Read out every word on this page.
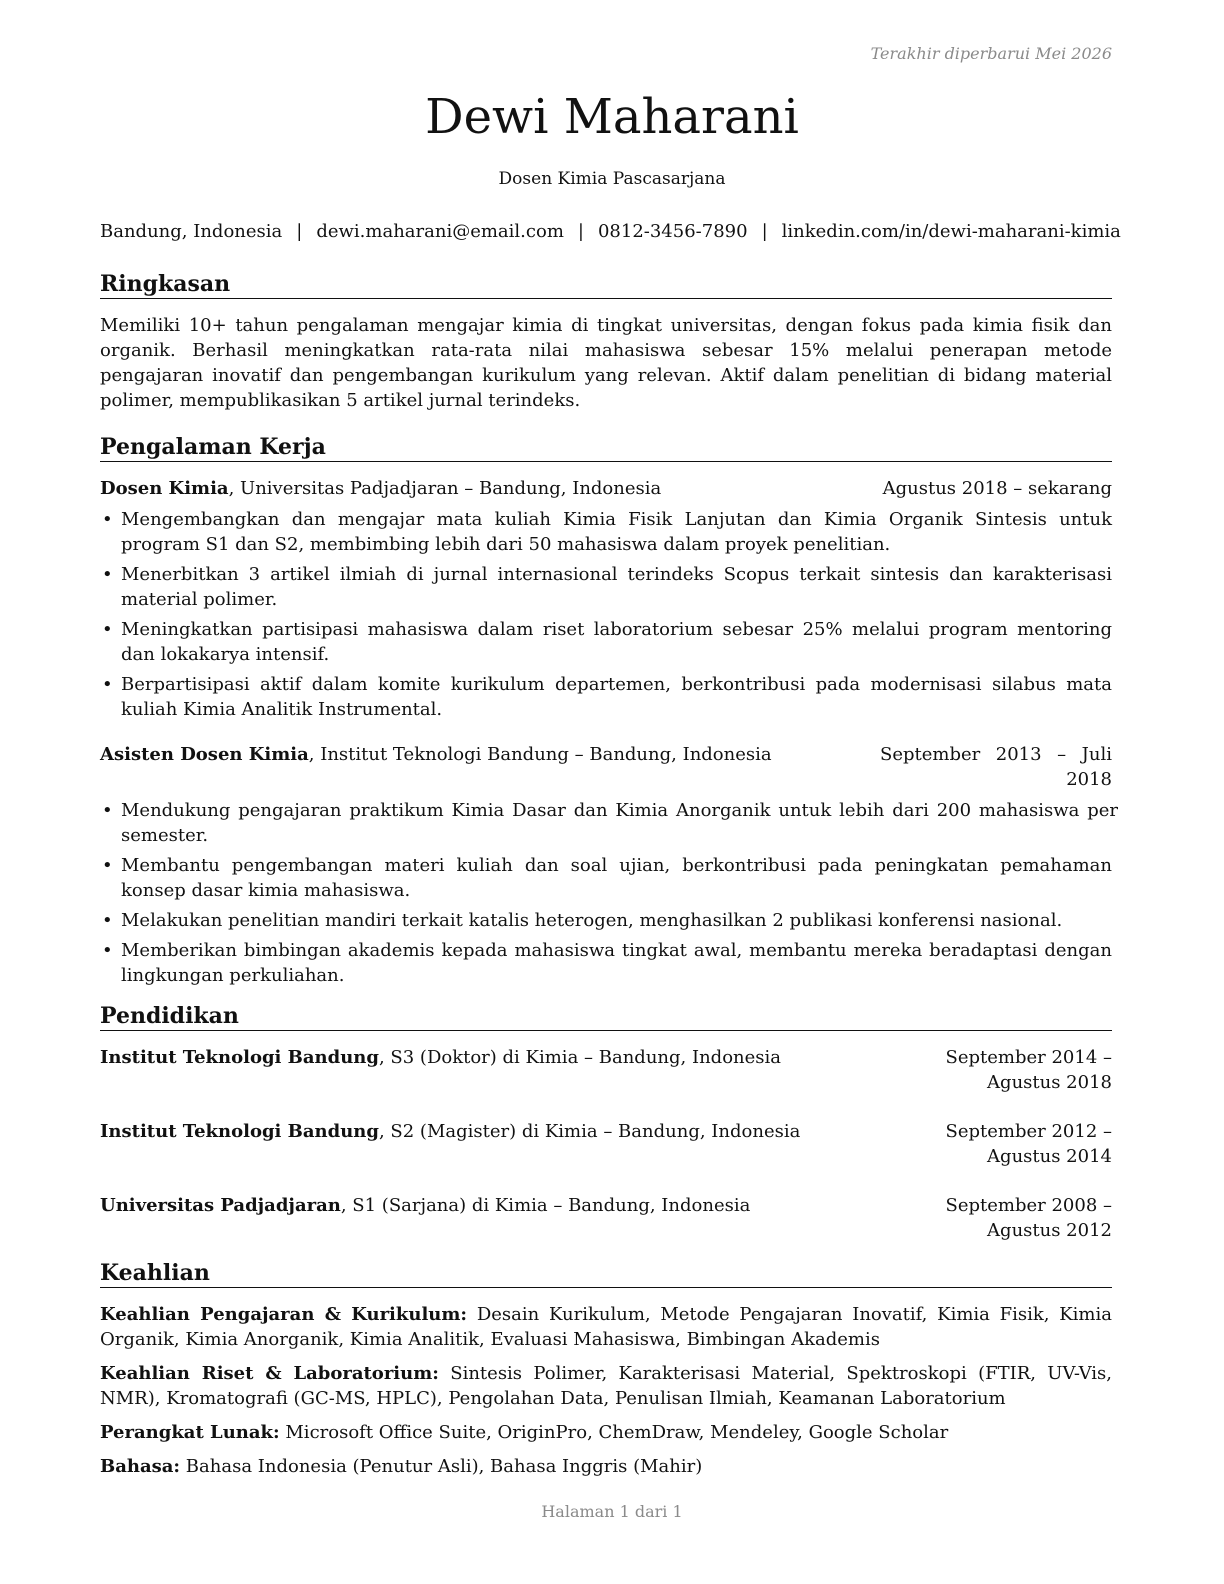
Terakhir diperbarui Mei 2026
Dewi Maharani
Dosen Kimia Pascasarjana
Bandung, Indonesia | dewi.maharani@email.com | 0812-3456-7890 | linkedin.com/in/dewi-maharani-kimia
Ringkasan

Memiliki 10+ tahun pengalaman mengajar kimia di tingkat universitas, dengan fokus pada kimia fisik dan organik. Berhasil meningkatkan rata-rata nilai mahasiswa sebesar 15% melalui penerapan metode pengajaran inovatif dan pengembangan kurikulum yang relevan. Aktif dalam penelitian di bidang material polimer, mempublikasikan 5 artikel jurnal terindeks.

Pengalaman Kerja
Dosen Kimia, Universitas Padjadjaran – Bandung, Indonesia	Agustus 2018 – sekarang
• Mengembangkan dan mengajar mata kuliah Kimia Fisik Lanjutan dan Kimia Organik Sintesis untuk program S1 dan S2, membimbing lebih dari 50 mahasiswa dalam proyek penelitian.
• Menerbitkan 3 artikel ilmiah di jurnal internasional terindeks Scopus terkait sintesis dan karakterisasi material polimer.
• Meningkatkan partisipasi mahasiswa dalam riset laboratorium sebesar 25% melalui program mentoring dan lokakarya intensif.
• Berpartisipasi aktif dalam komite kurikulum departemen, berkontribusi pada modernisasi silabus mata kuliah Kimia Analitik Instrumental.
Asisten Dosen Kimia, Institut Teknologi Bandung – Bandung, Indonesia	September 2013 – Juli 2018
• Mendukung pengajaran praktikum Kimia Dasar dan Kimia Anorganik untuk lebih dari 200 mahasiswa per semester.
• Membantu pengembangan materi kuliah dan soal ujian, berkontribusi pada peningkatan pemahaman konsep dasar kimia mahasiswa.
• Melakukan penelitian mandiri terkait katalis heterogen, menghasilkan 2 publikasi konferensi nasional.
• Memberikan bimbingan akademis kepada mahasiswa tingkat awal, membantu mereka beradaptasi dengan lingkungan perkuliahan.
Pendidikan
Institut Teknologi Bandung, S3 (Doktor) di Kimia – Bandung, Indonesia	September 2014 – Agustus 2018
Institut Teknologi Bandung, S2 (Magister) di Kimia – Bandung, Indonesia	September 2012 – Agustus 2014
Universitas Padjadjaran, S1 (Sarjana) di Kimia – Bandung, Indonesia	September 2008 – Agustus 2012
Keahlian

Keahlian Pengajaran & Kurikulum: Desain Kurikulum, Metode Pengajaran Inovatif, Kimia Fisik, Kimia Organik, Kimia Anorganik, Kimia Analitik, Evaluasi Mahasiswa, Bimbingan Akademis

Keahlian Riset & Laboratorium: Sintesis Polimer, Karakterisasi Material, Spektroskopi (FTIR, UV-Vis, NMR), Kromatografi (GC-MS, HPLC), Pengolahan Data, Penulisan Ilmiah, Keamanan Laboratorium

Perangkat Lunak: Microsoft Office Suite, OriginPro, ChemDraw, Mendeley, Google Scholar

Bahasa: Bahasa Indonesia (Penutur Asli), Bahasa Inggris (Mahir)

Halaman 1 dari 1
